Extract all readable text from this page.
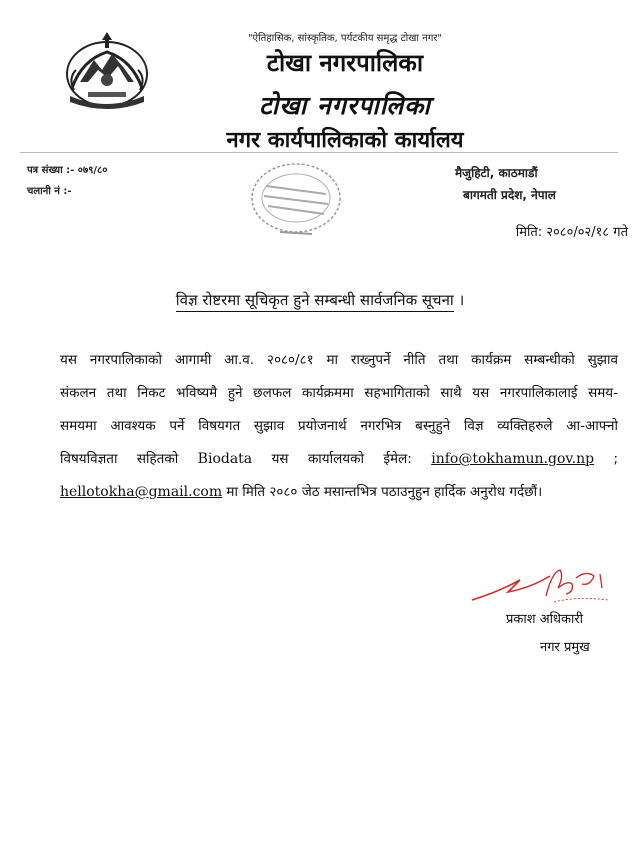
"ऐतिहासिक, सांस्कृतिक, पर्यटकीय समृद्ध टोखा नगर"
टोखा नगरपालिका
टोखा नगरपालिका
नगर कार्यपालिकाको कार्यालय
पत्र संख्या :- ०७९/८०
चलानी नं :-
मैजुहिटी, काठमाडौं
बागमती प्रदेश, नेपाल
मिति: २०८०/०२/१८ गते
विज्ञ रोष्टरमा सूचिकृत हुने सम्बन्धी सार्वजनिक सूचना ।
यस नगरपालिकाको आगामी आ.व. २०८०/८१ मा राख्नुपर्ने नीति तथा कार्यक्रम सम्बन्धीको सुझाव
संकलन तथा निकट भविष्यमै हुने छलफल कार्यक्रममा सहभागिताको साथै यस नगरपालिकालाई समय-
समयमा आवश्यक पर्ने विषयगत सुझाव प्रयोजनार्थ नगरभित्र बस्नुहुने विज्ञ व्यक्तिहरुले आ-आफ्नो
विषयविज्ञता सहितको Biodata यस कार्यालयको ईमेल: info@tokhamun.gov.np ;
hellotokha@gmail.com मा मिति २०८० जेठ मसान्तभित्र पठाउनुहुन हार्दिक अनुरोध गर्दछौं।
प्रकाश अधिकारी
नगर प्रमुख
